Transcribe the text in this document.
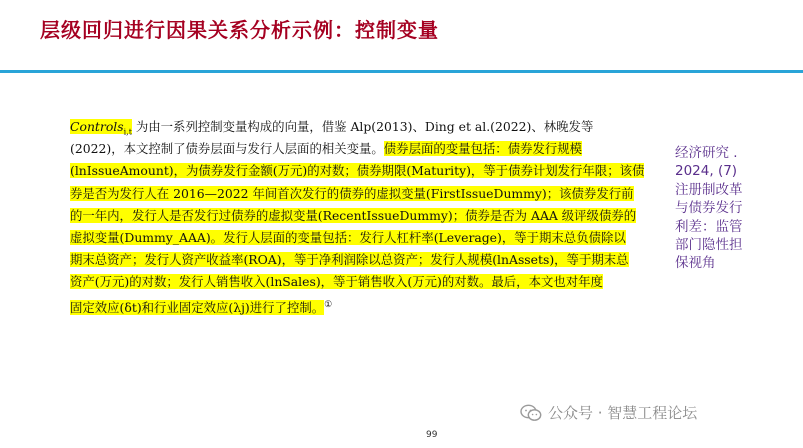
层级回归进行因果关系分析示例：控制变量
Controls$_{i,t}$ 为由一系列控制变量构成的向量，借鉴 Alp(2013)、Ding et al.(2022)、林晚发等
(2022)，本文控制了债券层面与发行人层面的相关变量。债券层面的变量包括：债券发行规模
(lnIssueAmount)，为债券发行金额(万元)的对数；债券期限(Maturity)，等于债券计划发行年限；该债
券是否为发行人在 2016—2022 年间首次发行的债券的虚拟变量(FirstIssueDummy)；该债券发行前
的一年内，发行人是否发行过债券的虚拟变量(RecentIssueDummy)；债券是否为 AAA 级评级债券的
虚拟变量(Dummy_AAA)。发行人层面的变量包括：发行人杠杆率(Leverage)，等于期末总负债除以
期末总资产；发行人资产收益率(ROA)，等于净利润除以总资产；发行人规模(lnAssets)，等于期末总
资产(万元)的对数；发行人销售收入(lnSales)，等于销售收入(万元)的对数。最后，本文也对年度
固定效应(δt)和行业固定效应(λj)进行了控制。①
经济研究 .
2024, (7)
注册制改革
与债券发行
利差：监管
部门隐性担
保视角
公众号 · 智慧工程论坛
99
